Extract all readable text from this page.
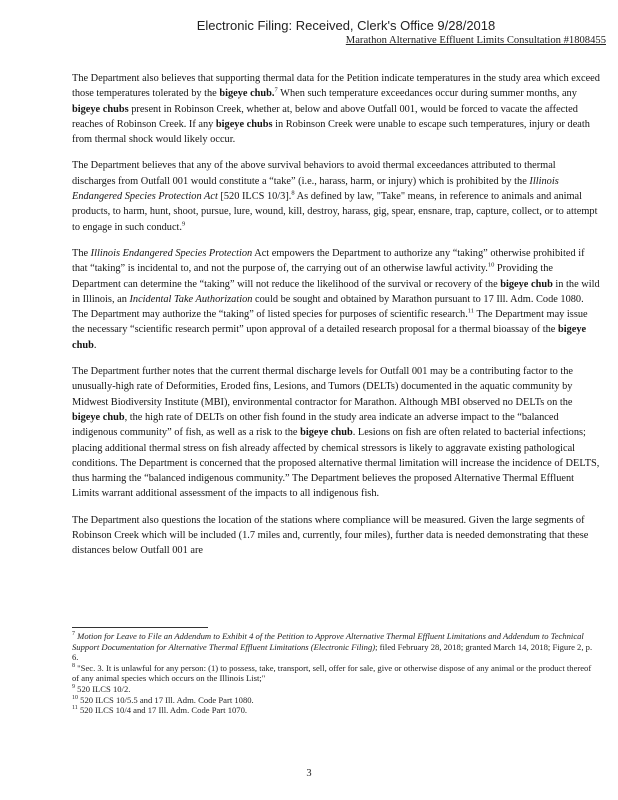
Electronic Filing: Received, Clerk's Office 9/28/2018
Marathon Alternative Effluent Limits Consultation #1808455

The Department also believes that supporting thermal data for the Petition indicate temperatures in the study area which exceed those temperatures tolerated by the bigeye chub.$^7$ When such temperature exceedances occur during summer months, any bigeye chubs present in Robinson Creek, whether at, below and above Outfall 001, would be forced to vacate the affected reaches of Robinson Creek. If any bigeye chubs in Robinson Creek were unable to escape such temperatures, injury or death from thermal shock would likely occur.

The Department believes that any of the above survival behaviors to avoid thermal exceedances attributed to thermal discharges from Outfall 001 would constitute a “take” (i.e., harass, harm, or injury) which is prohibited by the Illinois Endangered Species Protection Act [520 ILCS 10/3].$^8$ As defined by law, "Take" means, in reference to animals and animal products, to harm, hunt, shoot, pursue, lure, wound, kill, destroy, harass, gig, spear, ensnare, trap, capture, collect, or to attempt to engage in such conduct.$^9$

The Illinois Endangered Species Protection Act empowers the Department to authorize any “taking” otherwise prohibited if that “taking” is incidental to, and not the purpose of, the carrying out of an otherwise lawful activity.$^{10}$ Providing the Department can determine the “taking” will not reduce the likelihood of the survival or recovery of the bigeye chub in the wild in Illinois, an Incidental Take Authorization could be sought and obtained by Marathon pursuant to 17 Ill. Adm. Code 1080. The Department may authorize the “taking” of listed species for purposes of scientific research.$^{11}$ The Department may issue the necessary “scientific research permit” upon approval of a detailed research proposal for a thermal bioassay of the bigeye chub.

The Department further notes that the current thermal discharge levels for Outfall 001 may be a contributing factor to the unusually-high rate of Deformities, Eroded fins, Lesions, and Tumors (DELTs) documented in the aquatic community by Midwest Biodiversity Institute (MBI), environmental contractor for Marathon. Although MBI observed no DELTs on the bigeye chub, the high rate of DELTs on other fish found in the study area indicate an adverse impact to the “balanced indigenous community” of fish, as well as a risk to the bigeye chub. Lesions on fish are often related to bacterial infections; placing additional thermal stress on fish already affected by chemical stressors is likely to aggravate existing pathological conditions. The Department is concerned that the proposed alternative thermal limitation will increase the incidence of DELTS, thus harming the “balanced indigenous community.” The Department believes the proposed Alternative Thermal Effluent Limits warrant additional assessment of the impacts to all indigenous fish.

The Department also questions the location of the stations where compliance will be measured. Given the large segments of Robinson Creek which will be included (1.7 miles and, currently, four miles), further data is needed demonstrating that these distances below Outfall 001 are

$^7$ Motion for Leave to File an Addendum to Exhibit 4 of the Petition to Approve Alternative Thermal Effluent Limitations and Addendum to Technical Support Documentation for Alternative Thermal Effluent Limitations (Electronic Filing); filed February 28, 2018; granted March 14, 2018; Figure 2, p. 6.

$^8$ "Sec. 3. It is unlawful for any person: (1) to possess, take, transport, sell, offer for sale, give or otherwise dispose of any animal or the product thereof of any animal species which occurs on the Illinois List;"

$^9$ 520 ILCS 10/2.

$^{10}$ 520 ILCS 10/5.5 and 17 Ill. Adm. Code Part 1080.

$^{11}$ 520 ILCS 10/4 and 17 Ill. Adm. Code Part 1070.

3
